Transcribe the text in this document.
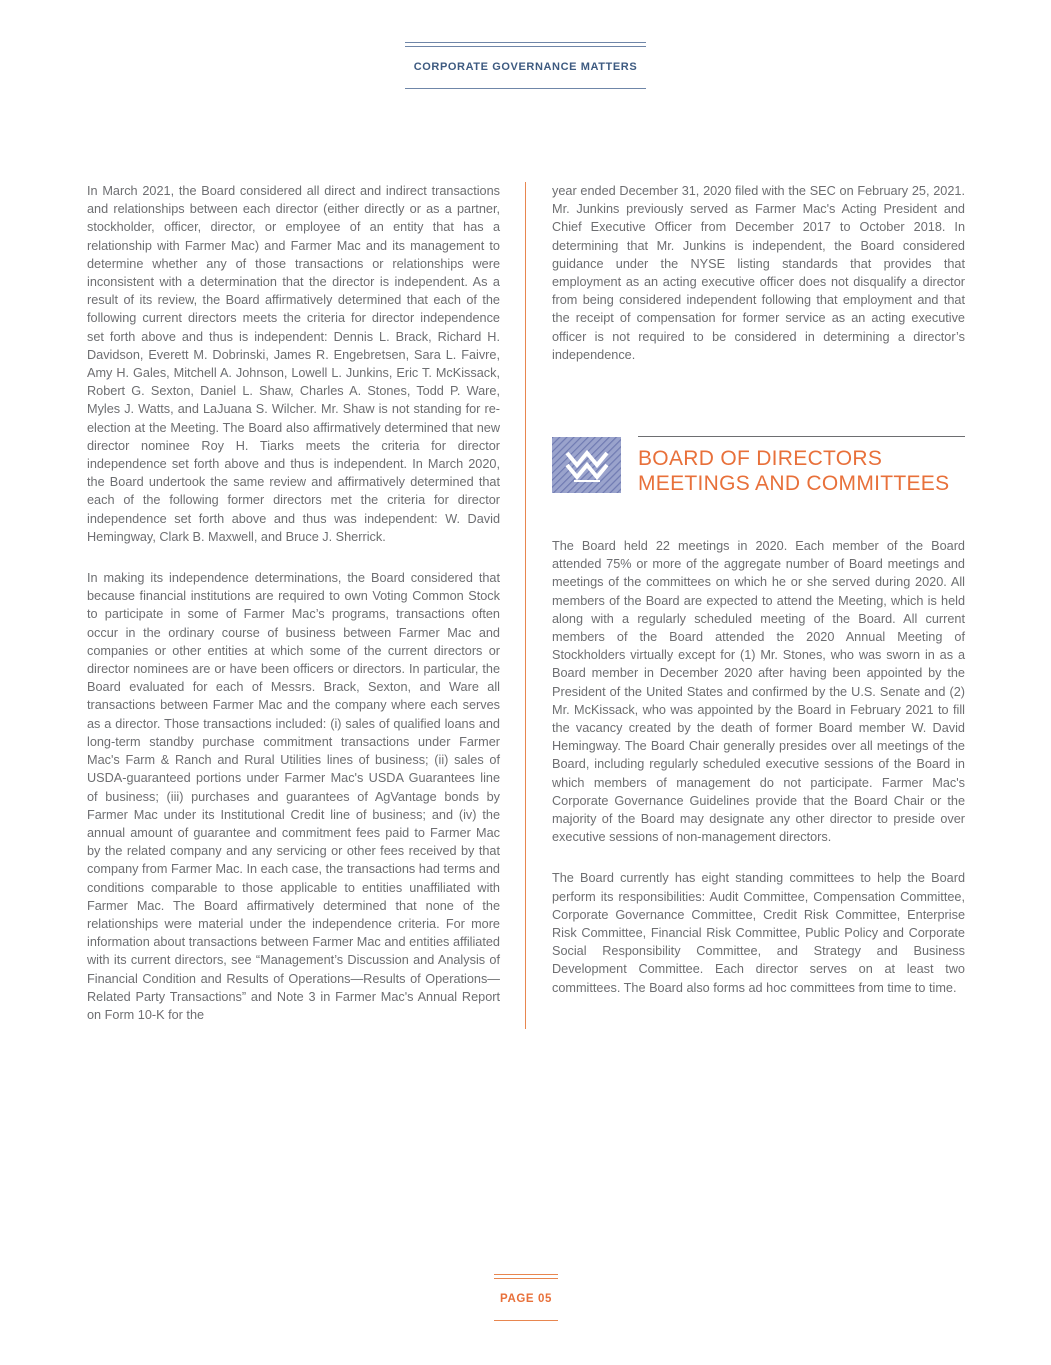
CORPORATE GOVERNANCE MATTERS

In March 2021, the Board considered all direct and indirect transactions and relationships between each director (either directly or as a partner, stockholder, officer, director, or employee of an entity that has a relationship with Farmer Mac) and Farmer Mac and its management to determine whether any of those transactions or relationships were inconsistent with a determination that the director is independent. As a result of its review, the Board affirmatively determined that each of the following current directors meets the criteria for director independence set forth above and thus is independent: Dennis L. Brack, Richard H. Davidson, Everett M. Dobrinski, James R. Engebretsen, Sara L. Faivre, Amy H. Gales, Mitchell A. Johnson, Lowell L. Junkins, Eric T. McKissack, Robert G. Sexton, Daniel L. Shaw, Charles A. Stones, Todd P. Ware, Myles J. Watts, and LaJuana S. Wilcher. Mr. Shaw is not standing for re-election at the Meeting. The Board also affirmatively determined that new director nominee Roy H. Tiarks meets the criteria for director independence set forth above and thus is independent. In March 2020, the Board undertook the same review and affirmatively determined that each of the following former directors met the criteria for director independence set forth above and thus was independent: W. David Hemingway, Clark B. Maxwell, and Bruce J. Sherrick.

In making its independence determinations, the Board considered that because financial institutions are required to own Voting Common Stock to participate in some of Farmer Mac’s programs, transactions often occur in the ordinary course of business between Farmer Mac and companies or other entities at which some of the current directors or director nominees are or have been officers or directors. In particular, the Board evaluated for each of Messrs. Brack, Sexton, and Ware all transactions between Farmer Mac and the company where each serves as a director. Those transactions included: (i) sales of qualified loans and long-term standby purchase commitment transactions under Farmer Mac's Farm & Ranch and Rural Utilities lines of business; (ii) sales of USDA-guaranteed portions under Farmer Mac's USDA Guarantees line of business; (iii) purchases and guarantees of AgVantage bonds by Farmer Mac under its Institutional Credit line of business; and (iv) the annual amount of guarantee and commitment fees paid to Farmer Mac by the related company and any servicing or other fees received by that company from Farmer Mac. In each case, the transactions had terms and conditions comparable to those applicable to entities unaffiliated with Farmer Mac. The Board affirmatively determined that none of the relationships were material under the independence criteria. For more information about transactions between Farmer Mac and entities affiliated with its current directors, see “Management’s Discussion and Analysis of Financial Condition and Results of Operations—Results of Operations—Related Party Transactions” and Note 3 in Farmer Mac's Annual Report on Form 10-K for the

year ended December 31, 2020 filed with the SEC on February 25, 2021. Mr. Junkins previously served as Farmer Mac's Acting President and Chief Executive Officer from December 2017 to October 2018. In determining that Mr. Junkins is independent, the Board considered guidance under the NYSE listing standards that provides that employment as an acting executive officer does not disqualify a director from being considered independent following that employment and that the receipt of compensation for former service as an acting executive officer is not required to be considered in determining a director’s independence.

BOARD OF DIRECTORS
MEETINGS AND COMMITTEES

The Board held 22 meetings in 2020. Each member of the Board attended 75% or more of the aggregate number of Board meetings and meetings of the committees on which he or she served during 2020. All members of the Board are expected to attend the Meeting, which is held along with a regularly scheduled meeting of the Board. All current members of the Board attended the 2020 Annual Meeting of Stockholders virtually except for (1) Mr. Stones, who was sworn in as a Board member in December 2020 after having been appointed by the President of the United States and confirmed by the U.S. Senate and (2) Mr. McKissack, who was appointed by the Board in February 2021 to fill the vacancy created by the death of former Board member W. David Hemingway. The Board Chair generally presides over all meetings of the Board, including regularly scheduled executive sessions of the Board in which members of management do not participate. Farmer Mac's Corporate Governance Guidelines provide that the Board Chair or the majority of the Board may designate any other director to preside over executive sessions of non-management directors.

The Board currently has eight standing committees to help the Board perform its responsibilities: Audit Committee, Compensation Committee, Corporate Governance Committee, Credit Risk Committee, Enterprise Risk Committee, Financial Risk Committee, Public Policy and Corporate Social Responsibility Committee, and Strategy and Business Development Committee. Each director serves on at least two committees. The Board also forms ad hoc committees from time to time.

PAGE 05
